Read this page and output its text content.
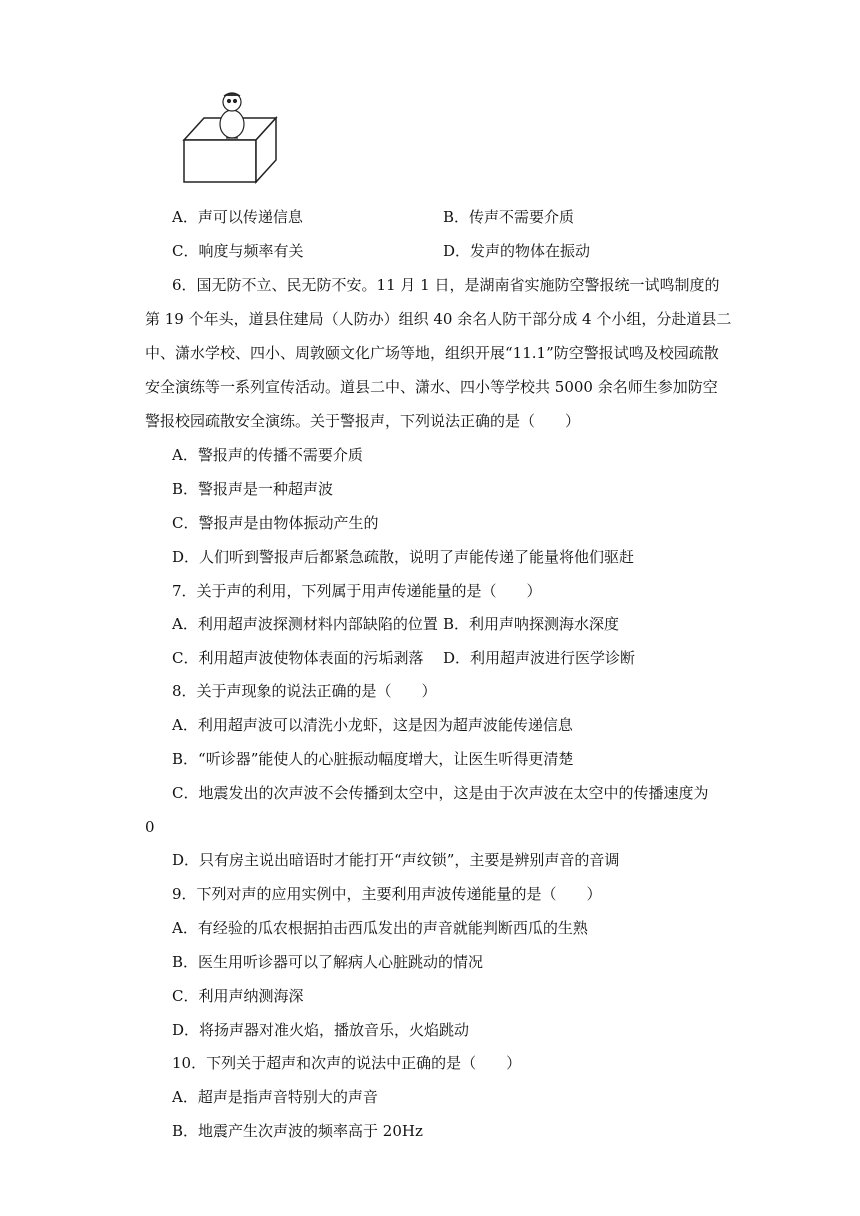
A．声可以传递信息	B．传声不需要介质
C．响度与频率有关	D．发声的物体在振动
6．国无防不立、民无防不安。11 月 1 日，是湖南省实施防空警报统一试鸣制度的
第 19 个年头，道县住建局（人防办）组织 40 余名人防干部分成 4 个小组，分赴道县二
中、潇水学校、四小、周敦颐文化广场等地，组织开展“11.1”防空警报试鸣及校园疏散
安全演练等一系列宣传活动。道县二中、潇水、四小等学校共 5000 余名师生参加防空
警报校园疏散安全演练。关于警报声，下列说法正确的是（　　）
A．警报声的传播不需要介质
B．警报声是一种超声波
C．警报声是由物体振动产生的
D．人们听到警报声后都紧急疏散，说明了声能传递了能量将他们驱赶
7．关于声的利用，下列属于用声传递能量的是（　　）
A．利用超声波探测材料内部缺陷的位置 B．利用声呐探测海水深度
C．利用超声波使物体表面的污垢剥落 D．利用超声波进行医学诊断
8．关于声现象的说法正确的是（　　）
A．利用超声波可以清洗小龙虾，这是因为超声波能传递信息
B．“听诊器”能使人的心脏振动幅度增大，让医生听得更清楚
C．地震发出的次声波不会传播到太空中，这是由于次声波在太空中的传播速度为
0
D．只有房主说出暗语时才能打开“声纹锁”，主要是辨别声音的音调
9．下列对声的应用实例中，主要利用声波传递能量的是（　　）
A．有经验的瓜农根据拍击西瓜发出的声音就能判断西瓜的生熟
B．医生用听诊器可以了解病人心脏跳动的情况
C．利用声纳测海深
D．将扬声器对准火焰，播放音乐，火焰跳动
10．下列关于超声和次声的说法中正确的是（　　）
A．超声是指声音特别大的声音
B．地震产生次声波的频率高于 20Hz
